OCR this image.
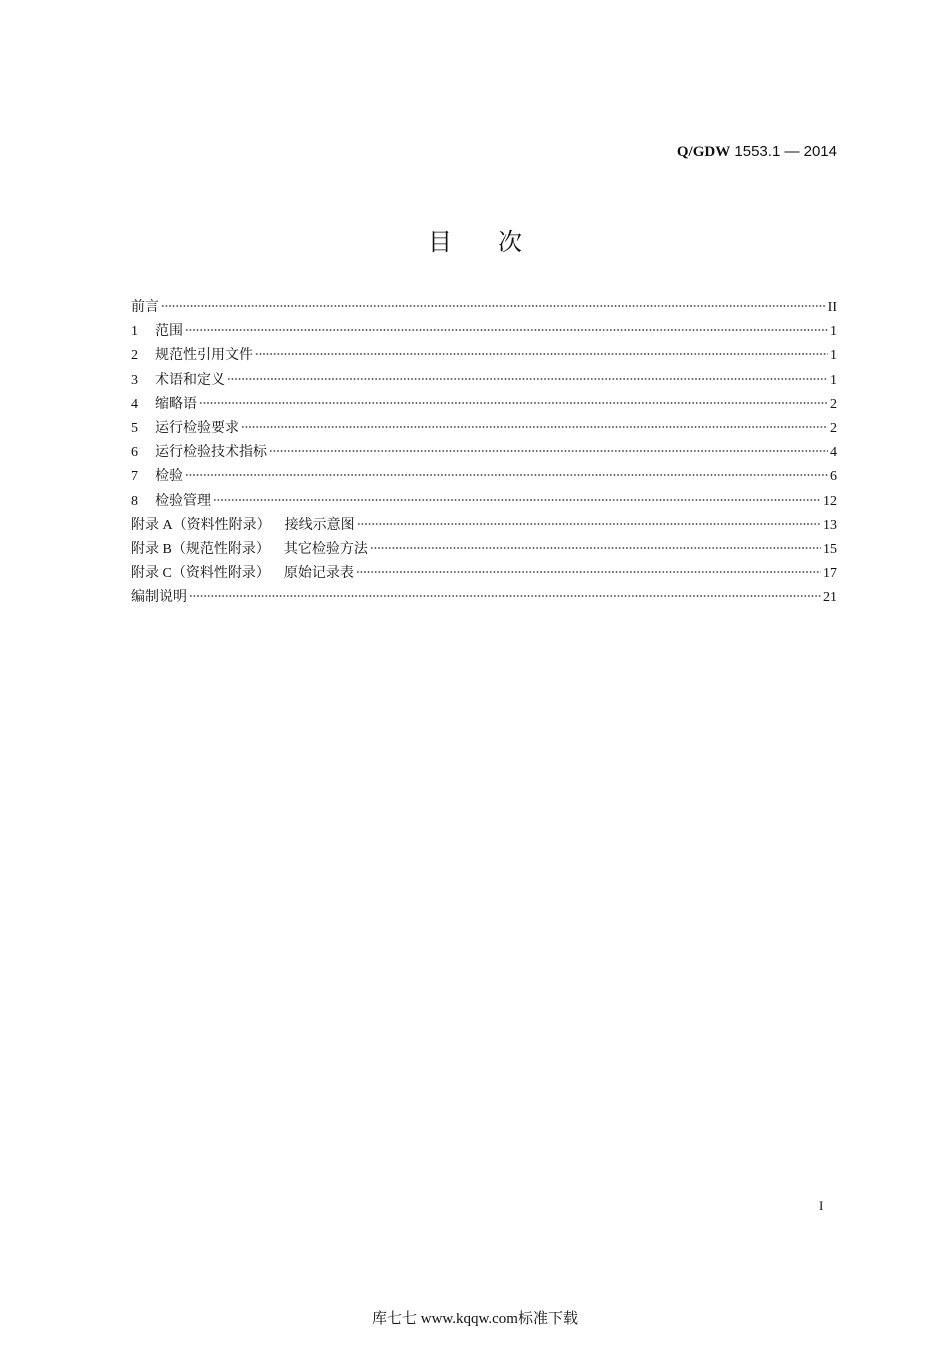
Q/GDW 1553.1 — 2014
目次
前言	II
1	范围	1
2	规范性引用文件	1
3	术语和定义	1
4	缩略语	2
5	运行检验要求	2
6	运行检验技术指标	4
7	检验	6
8	检验管理	12
附录 A（资料性附录） 接线示意图	13
附录 B（规范性附录） 其它检验方法	15
附录 C（资料性附录） 原始记录表	17
编制说明	21
I
库七七 www.kqqw.com标准下载
